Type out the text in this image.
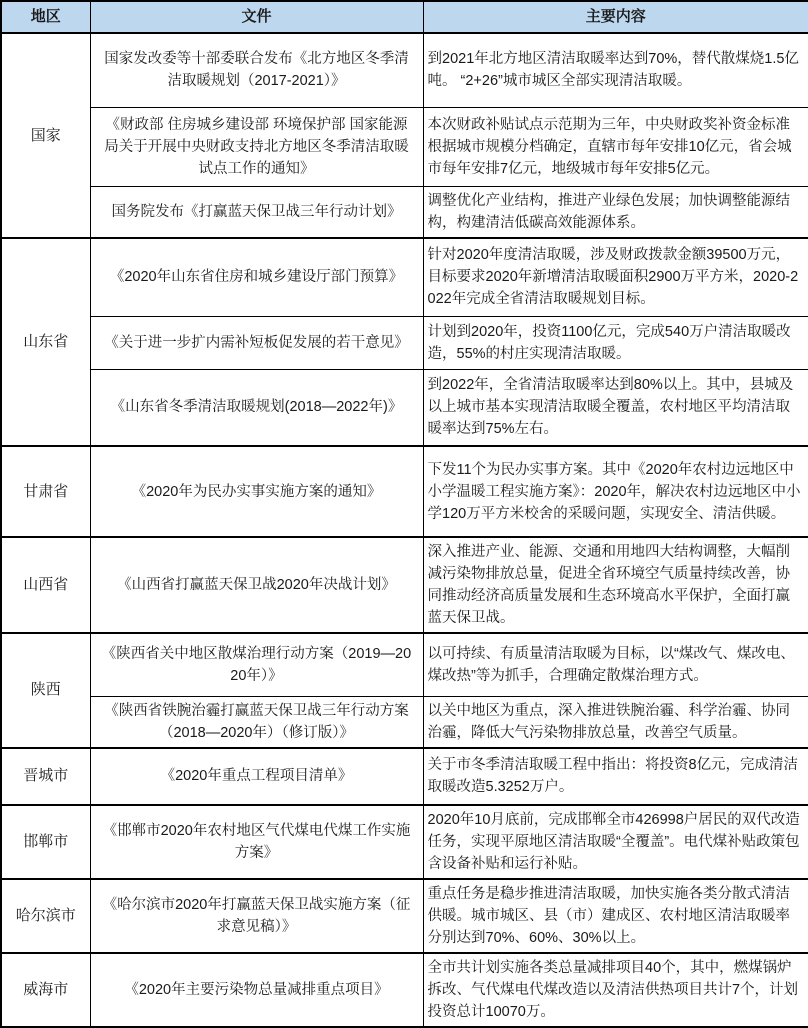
地区	文件	主要内容
国家	国家发改委等十部委联合发布《北方地区冬季清洁取暖规划（2017-2021）》	到2021年北方地区清洁取暖率达到70%，替代散煤烧1.5亿吨。 “2+26”城市城区全部实现清洁取暖。
	《财政部 住房城乡建设部 环境保护部 国家能源局关于开展中央财政支持北方地区冬季清洁取暖试点工作的通知》	本次财政补贴试点示范期为三年，中央财政奖补资金标准根据城市规模分档确定，直辖市每年安排10亿元，省会城市每年安排7亿元，地级城市每年安排5亿元。
	国务院发布《打赢蓝天保卫战三年行动计划》	调整优化产业结构，推进产业绿色发展；加快调整能源结构，构建清洁低碳高效能源体系。
山东省	《2020年山东省住房和城乡建设厅部门预算》	针对2020年度清洁取暖，涉及财政拨款金额39500万元，目标要求2020年新增清洁取暖面积2900万平方米，2020-2022年完成全省清洁取暖规划目标。
	《关于进一步扩内需补短板促发展的若干意见》	计划到2020年，投资1100亿元，完成540万户清洁取暖改造，55%的村庄实现清洁取暖。
	《山东省冬季清洁取暖规划(2018—2022年)》	到2022年，全省清洁取暖率达到80%以上。其中，县城及以上城市基本实现清洁取暖全覆盖，农村地区平均清洁取暖率达到75%左右。
甘肃省	《2020年为民办实事实施方案的通知》	下发11个为民办实事方案。其中《2020年农村边远地区中小学温暖工程实施方案》：2020年，解决农村边远地区中小学120万平方米校舍的采暖问题，实现安全、清洁供暖。
山西省	《山西省打赢蓝天保卫战2020年决战计划》	深入推进产业、能源、交通和用地四大结构调整，大幅削减污染物排放总量，促进全省环境空气质量持续改善，协同推动经济高质量发展和生态环境高水平保护，全面打赢蓝天保卫战。
陕西	《陕西省关中地区散煤治理行动方案（2019—2020年）》	以可持续、有质量清洁取暖为目标，以“煤改气、煤改电、煤改热”等为抓手，合理确定散煤治理方式。
	《陕西省铁腕治霾打赢蓝天保卫战三年行动方案（2018—2020年）（修订版）》	以关中地区为重点，深入推进铁腕治霾、科学治霾、协同治霾，降低大气污染物排放总量，改善空气质量。
晋城市	《2020年重点工程项目清单》	关于市冬季清洁取暖工程中指出：将投资8亿元，完成清洁取暖改造5.3252万户。
邯郸市	《邯郸市2020年农村地区气代煤电代煤工作实施方案》	2020年10月底前，完成邯郸全市426998户居民的双代改造任务，实现平原地区清洁取暖“全覆盖”。电代煤补贴政策包含设备补贴和运行补贴。
哈尔滨市	《哈尔滨市2020年打赢蓝天保卫战实施方案（征求意见稿）》	重点任务是稳步推进清洁取暖，加快实施各类分散式清洁供暖。城市城区、县（市）建成区、农村地区清洁取暖率分别达到70%、60%、30%以上。
威海市	《2020年主要污染物总量减排重点项目》	全市共计划实施各类总量减排项目40个，其中，燃煤锅炉拆改、气代煤电代煤改造以及清洁供热项目共计7个，计划投资总计10070万。
